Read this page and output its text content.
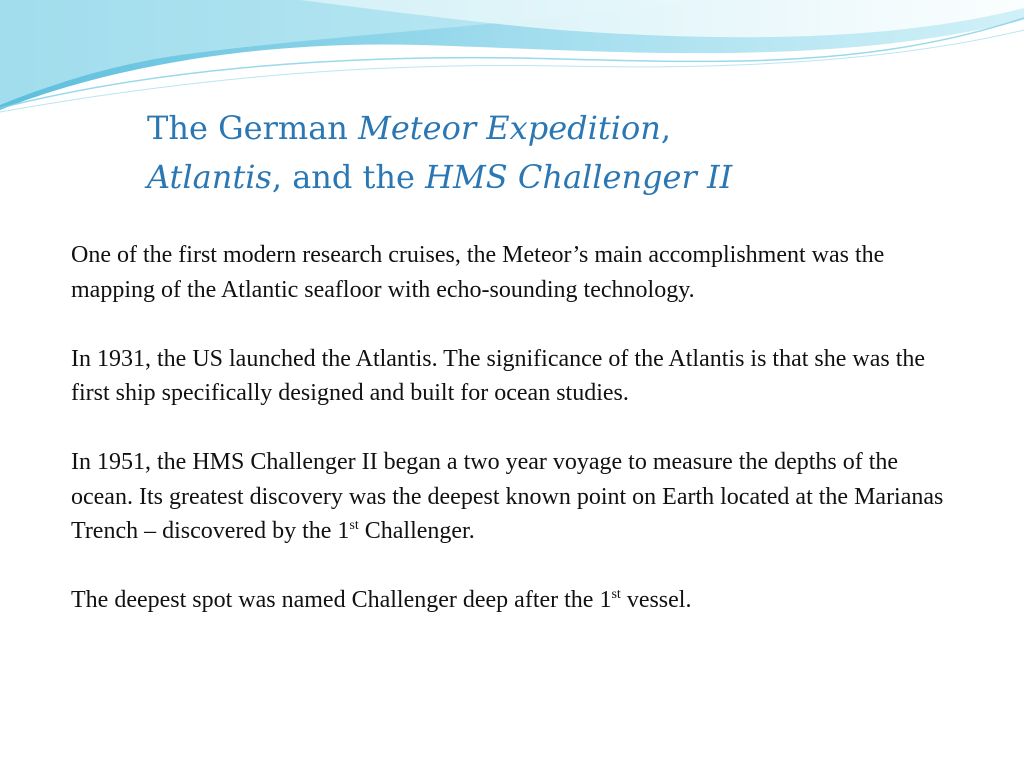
The German Meteor Expedition,
Atlantis, and the HMS Challenger II

One of the first modern research cruises, the Meteor’s main accomplishment was the mapping of the Atlantic seafloor with echo-sounding technology.

In 1931, the US launched the Atlantis. The significance of the Atlantis is that she was the first ship specifically designed and built for ocean studies.

In 1951, the HMS Challenger II began a two year voyage to measure the depths of the ocean. Its greatest discovery was the deepest known point on Earth located at the Marianas Trench – discovered by the 1st Challenger.

The deepest spot was named Challenger deep after the 1st vessel.
